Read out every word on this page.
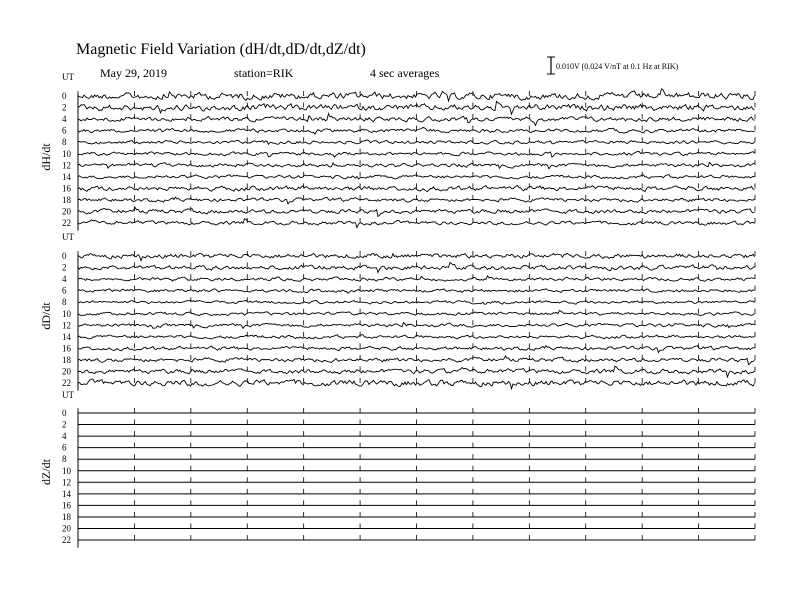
Magnetic Field Variation (dH/dt,dD/dt,dZ/dt)
May 29, 2019	station=RIK	4 sec averages	0.010V (0.024 V/nT at 0.1 Hz at RIK)
UT
dH/dt
0
2
4
6
8
10
12
14
16
18
20
22
UT
dD/dt
0
2
4
6
8
10
12
14
16
18
20
22
UT
dZ/dt
0
2
4
6
8
10
12
14
16
18
20
22
